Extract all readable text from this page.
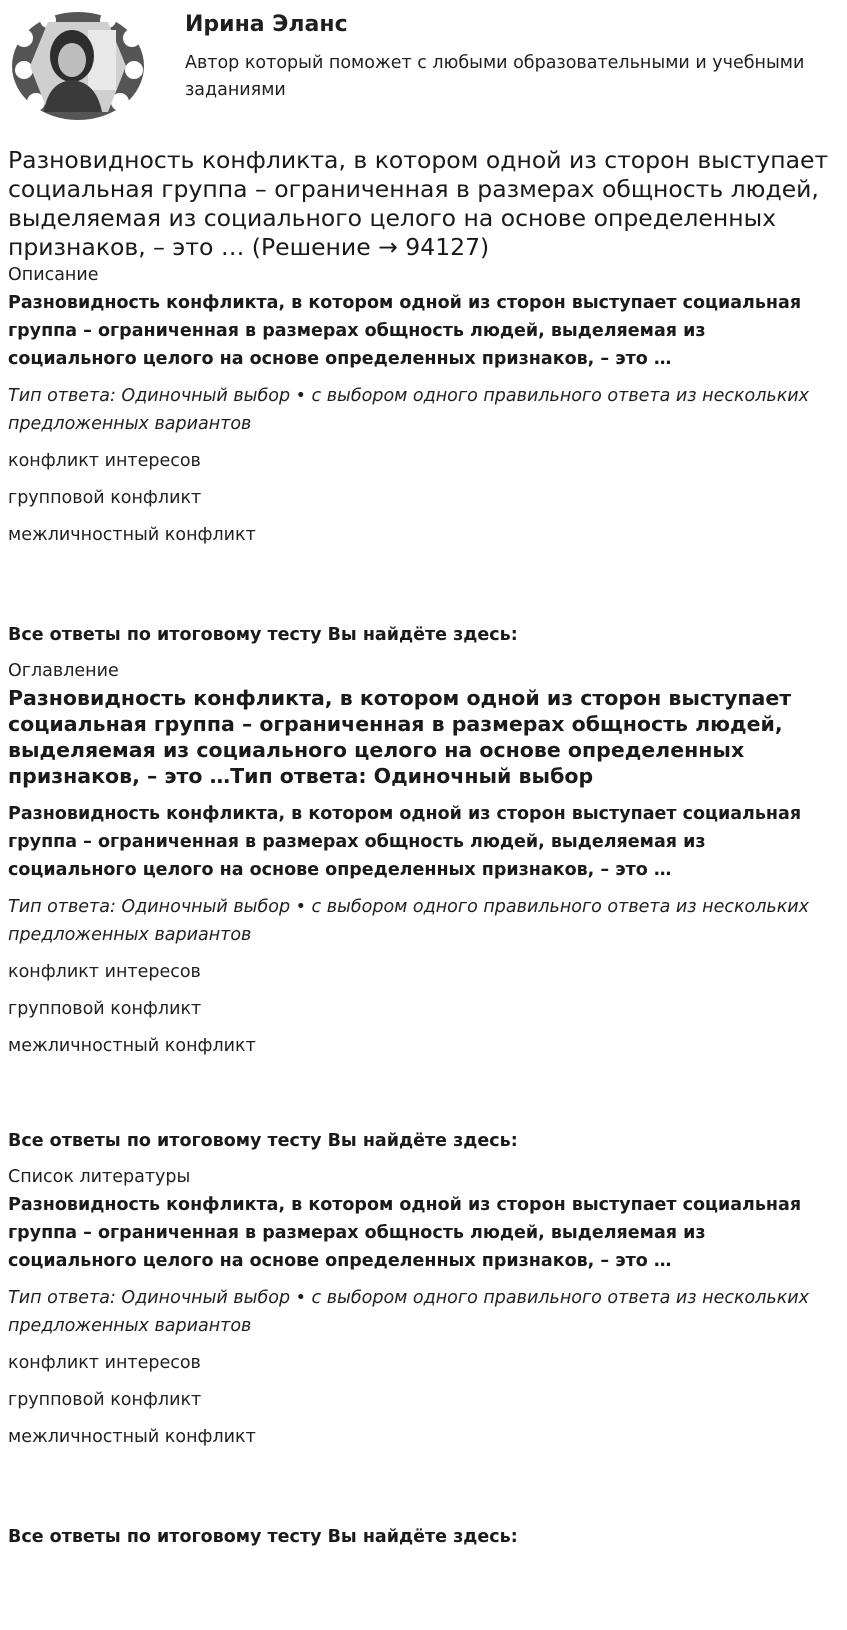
Ирина Эланс

Автор который поможет с любыми образовательными и учебными заданиями

Разновидность конфликта, в котором одной из сторон выступает социальная группа – ограниченная в размерах общность людей, выделяемая из социального целого на основе определенных признаков, – это … (Решение → 94127)

Описание

Разновидность конфликта, в котором одной из сторон выступает социальная группа – ограниченная в размерах общность людей, выделяемая из социального целого на основе определенных признаков, – это …

Тип ответа: Одиночный выбор • с выбором одного правильного ответа из нескольких предложенных вариантов

конфликт интересов

групповой конфликт

межличностный конфликт

Все ответы по итоговому тесту Вы найдёте здесь:

Оглавление

Разновидность конфликта, в котором одной из сторон выступает социальная группа – ограниченная в размерах общность людей, выделяемая из социального целого на основе определенных признаков, – это …Тип ответа: Одиночный выбор

Разновидность конфликта, в котором одной из сторон выступает социальная группа – ограниченная в размерах общность людей, выделяемая из социального целого на основе определенных признаков, – это …

Тип ответа: Одиночный выбор • с выбором одного правильного ответа из нескольких предложенных вариантов

конфликт интересов

групповой конфликт

межличностный конфликт

Все ответы по итоговому тесту Вы найдёте здесь:

Список литературы

Разновидность конфликта, в котором одной из сторон выступает социальная группа – ограниченная в размерах общность людей, выделяемая из социального целого на основе определенных признаков, – это …

Тип ответа: Одиночный выбор • с выбором одного правильного ответа из нескольких предложенных вариантов

конфликт интересов

групповой конфликт

межличностный конфликт

Все ответы по итоговому тесту Вы найдёте здесь:
